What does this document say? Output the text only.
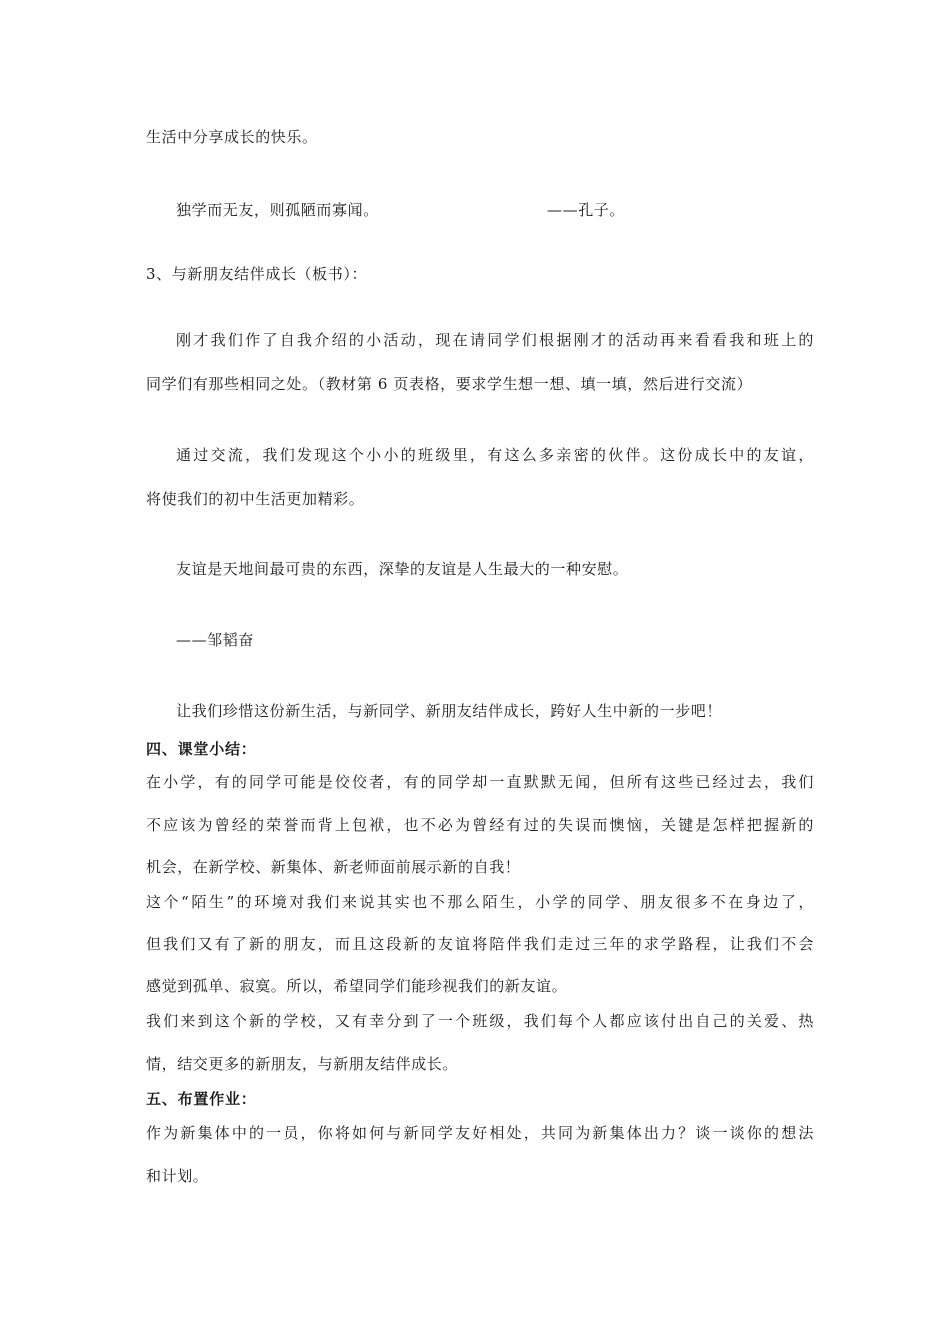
生活中分享成长的快乐。

独学而无友，则孤陋而寡闻。	——孔子。

3、与新朋友结伴成长（板书）：

刚才我们作了自我介绍的小活动，现在请同学们根据刚才的活动再来看看我和班上的

同学们有那些相同之处。（教材第 6 页表格，要求学生想一想、填一填，然后进行交流）

通过交流，我们发现这个小小的班级里，有这么多亲密的伙伴。这份成长中的友谊，

将使我们的初中生活更加精彩。

友谊是天地间最可贵的东西，深挚的友谊是人生最大的一种安慰。

——邹韬奋

让我们珍惜这份新生活，与新同学、新朋友结伴成长，跨好人生中新的一步吧！

四、课堂小结：

在小学，有的同学可能是佼佼者，有的同学却一直默默无闻，但所有这些已经过去，我们

不应该为曾经的荣誉而背上包袱，也不必为曾经有过的失误而懊恼，关键是怎样把握新的

机会，在新学校、新集体、新老师面前展示新的自我！

这个“陌生”的环境对我们来说其实也不那么陌生，小学的同学、朋友很多不在身边了，

但我们又有了新的朋友，而且这段新的友谊将陪伴我们走过三年的求学路程，让我们不会

感觉到孤单、寂寞。所以，希望同学们能珍视我们的新友谊。

我们来到这个新的学校，又有幸分到了一个班级，我们每个人都应该付出自己的关爱、热

情，结交更多的新朋友，与新朋友结伴成长。

五、布置作业：

作为新集体中的一员，你将如何与新同学友好相处，共同为新集体出力？谈一谈你的想法

和计划。
